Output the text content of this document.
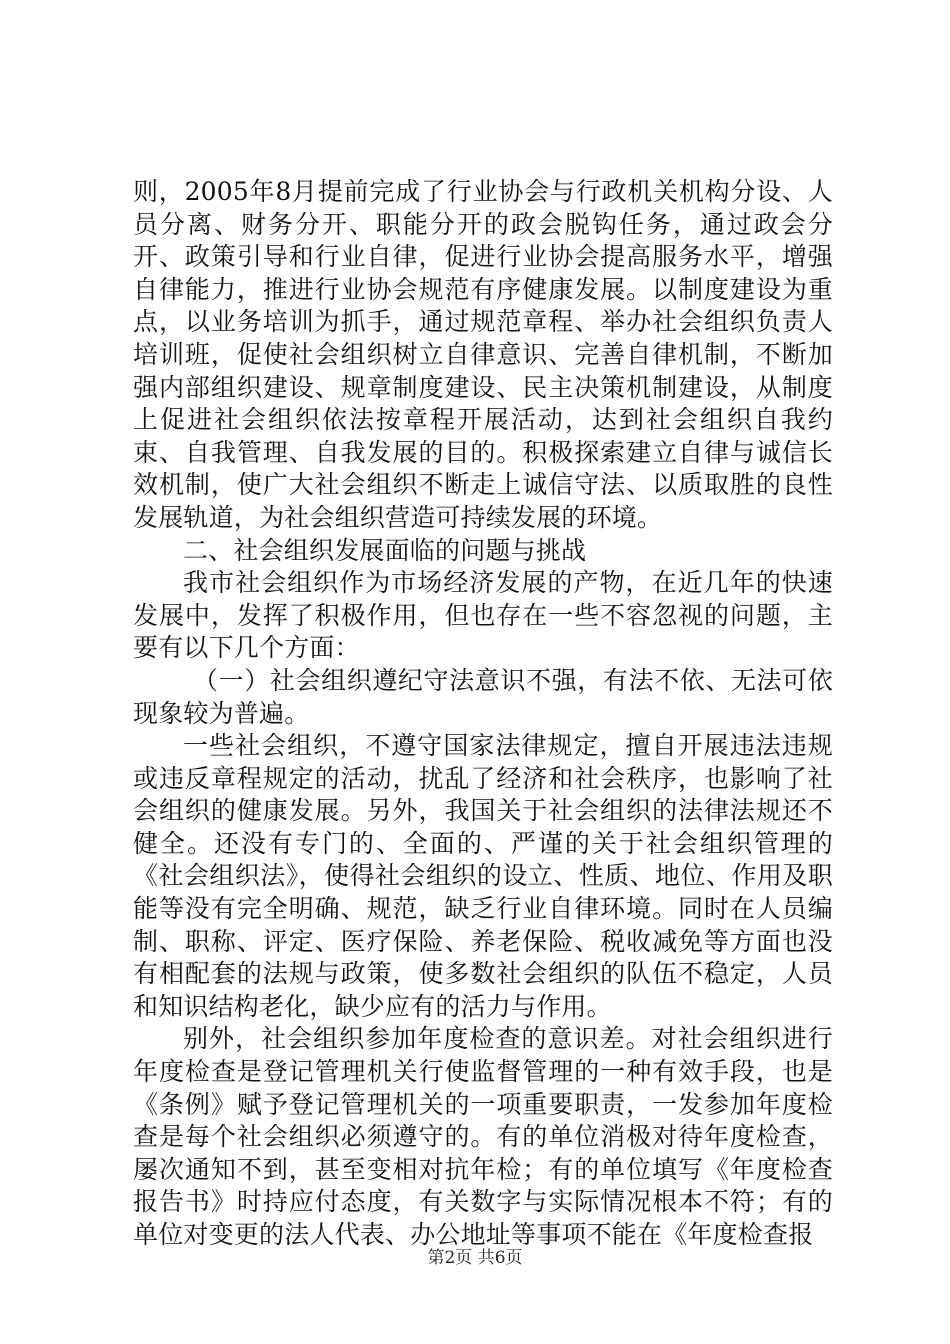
则，2005年8月提前完成了行业协会与行政机关机构分设、人员分离、财务分开、职能分开的政会脱钩任务，通过政会分开、政策引导和行业自律，促进行业协会提高服务水平，增强自律能力，推进行业协会规范有序健康发展。以制度建设为重点，以业务培训为抓手，通过规范章程、举办社会组织负责人培训班，促使社会组织树立自律意识、完善自律机制，不断加强内部组织建设、规章制度建设、民主决策机制建设，从制度上促进社会组织依法按章程开展活动，达到社会组织自我约束、自我管理、自我发展的目的。积极探索建立自律与诚信长效机制，使广大社会组织不断走上诚信守法、以质取胜的良性发展轨道，为社会组织营造可持续发展的环境。

二、社会组织发展面临的问题与挑战

我市社会组织作为市场经济发展的产物，在近几年的快速发展中，发挥了积极作用，但也存在一些不容忽视的问题，主要有以下几个方面：

（一）社会组织遵纪守法意识不强，有法不依、无法可依现象较为普遍。

一些社会组织，不遵守国家法律规定，擅自开展违法违规或违反章程规定的活动，扰乱了经济和社会秩序，也影响了社会组织的健康发展。另外，我国关于社会组织的法律法规还不健全。还没有专门的、全面的、严谨的关于社会组织管理的《社会组织法》，使得社会组织的设立、性质、地位、作用及职能等没有完全明确、规范，缺乏行业自律环境。同时在人员编制、职称、评定、医疗保险、养老保险、税收减免等方面也没有相配套的法规与政策，使多数社会组织的队伍不稳定，人员和知识结构老化，缺少应有的活力与作用。

别外，社会组织参加年度检查的意识差。对社会组织进行年度检查是登记管理机关行使监督管理的一种有效手段，也是《条例》赋予登记管理机关的一项重要职责，一发参加年度检查是每个社会组织必须遵守的。有的单位消极对待年度检查，屡次通知不到，甚至变相对抗年检；有的单位填写《年度检查报告书》时持应付态度，有关数字与实际情况根本不符；有的单位对变更的法人代表、办公地址等事项不能在《年度检查报

第2页 共6页
